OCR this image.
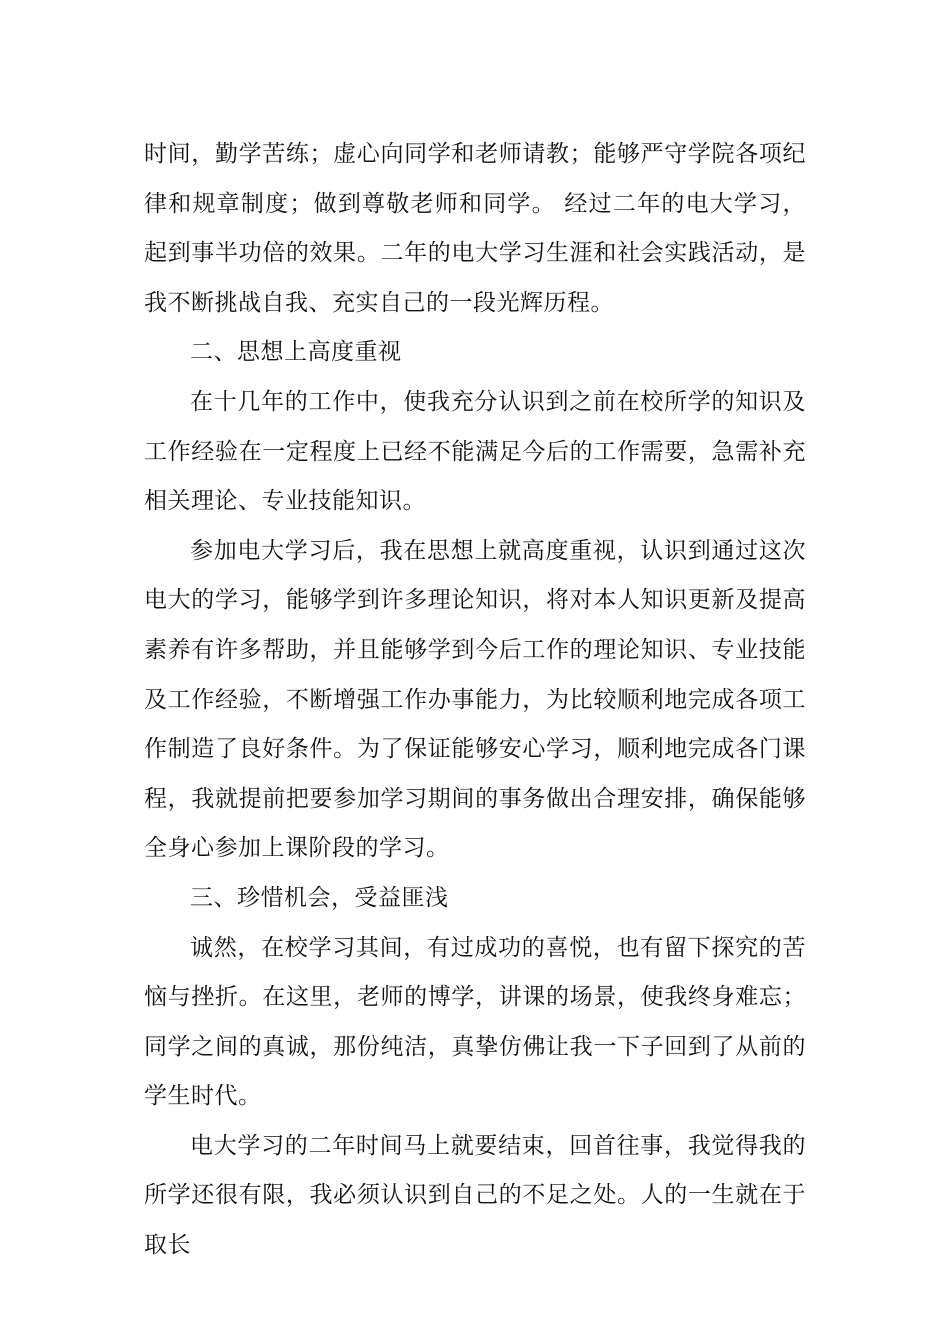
时间，勤学苦练；虚心向同学和老师请教；能够严守学院各项纪律和规章制度；做到尊敬老师和同学。 经过二年的电大学习，起到事半功倍的效果。二年的电大学习生涯和社会实践活动，是我不断挑战自我、充实自己的一段光辉历程。

二、思想上高度重视

在十几年的工作中，使我充分认识到之前在校所学的知识及工作经验在一定程度上已经不能满足今后的工作需要，急需补充相关理论、专业技能知识。

参加电大学习后，我在思想上就高度重视，认识到通过这次电大的学习，能够学到许多理论知识，将对本人知识更新及提高素养有许多帮助，并且能够学到今后工作的理论知识、专业技能及工作经验，不断增强工作办事能力，为比较顺利地完成各项工作制造了良好条件。为了保证能够安心学习，顺利地完成各门课程，我就提前把要参加学习期间的事务做出合理安排，确保能够全身心参加上课阶段的学习。

三、珍惜机会，受益匪浅

诚然，在校学习其间，有过成功的喜悦，也有留下探究的苦恼与挫折。在这里，老师的博学，讲课的场景，使我终身难忘；同学之间的真诚，那份纯洁，真挚仿佛让我一下子回到了从前的学生时代。

电大学习的二年时间马上就要结束，回首往事，我觉得我的所学还很有限，我必须认识到自己的不足之处。人的一生就在于取长
